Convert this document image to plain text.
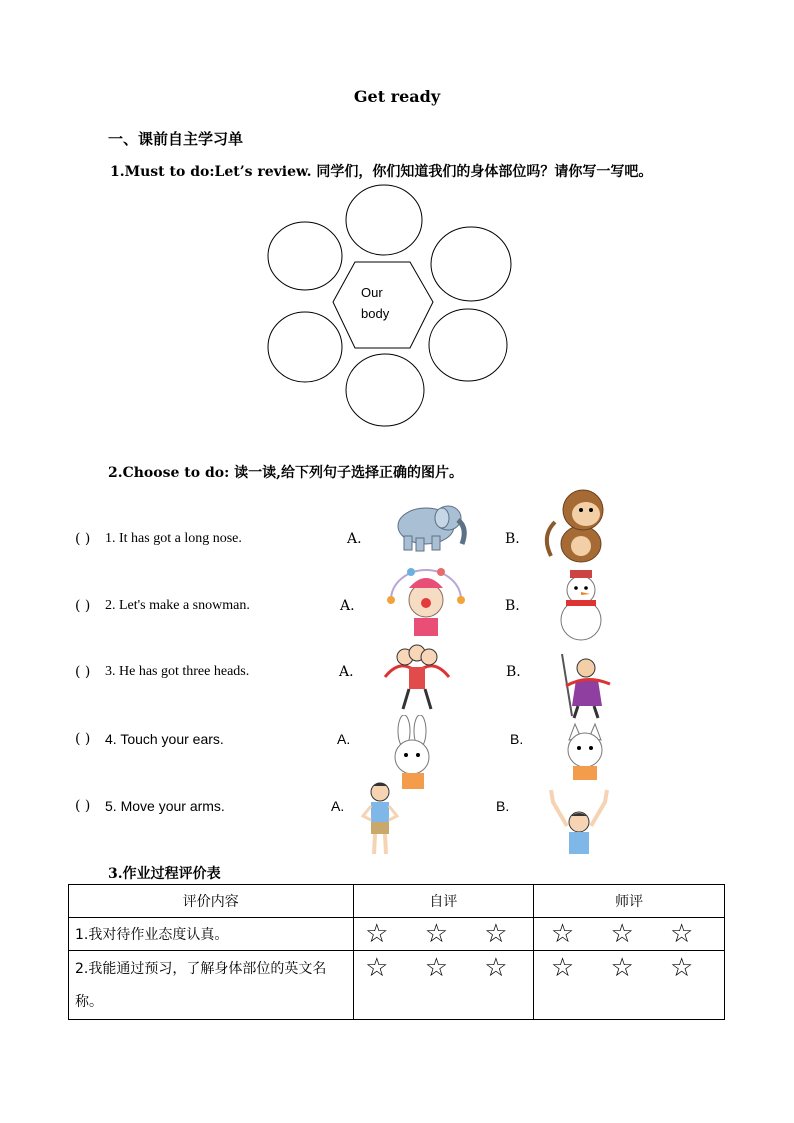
Get ready
一、课前自主学习单
1.Must to do:Let’s review. 同学们，你们知道我们的身体部位吗？请你写一写吧。
Our
body
2.Choose to do: 读一读,给下列句子选择正确的图片。
( ) 1. It has got a long nose.	A.	B.
( ) 2. Let's make a snowman.	A.	B.
( ) 3. He has got three heads.	A.	B.
( ) 4. Touch your ears.	A.	B.
( ) 5. Move your arms.	A.	B.
3.作业过程评价表
评价内容	自评	师评
1.我对待作业态度认真。	☆ ☆ ☆	☆ ☆ ☆
2.我能通过预习，了解身体部位的英文名称。	☆ ☆ ☆	☆ ☆ ☆
